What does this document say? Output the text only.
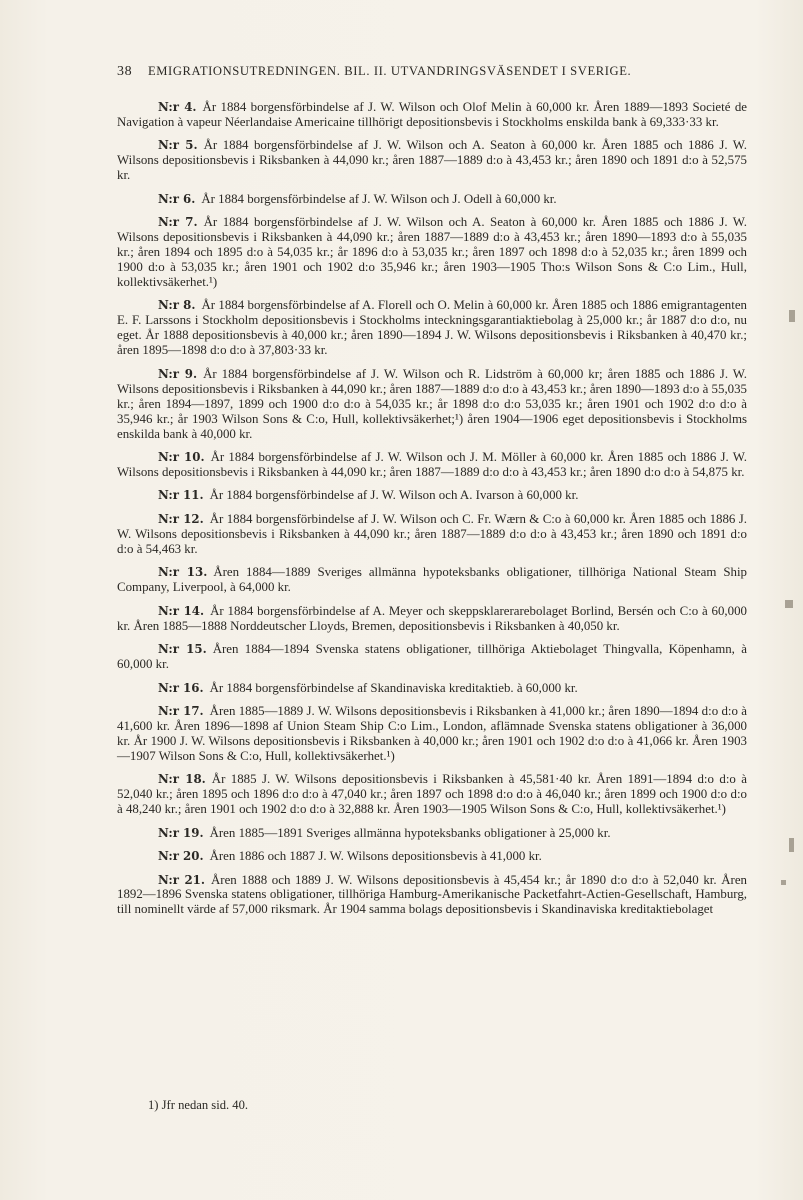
38 EMIGRATIONSUTREDNINGEN. BIL. II. UTVANDRINGSVÄSENDET I SVERIGE.

N:r 4. År 1884 borgensförbindelse af J. W. Wilson och Olof Melin à 60,000 kr. Åren 1889—1893 Societé de Navigation à vapeur Néerlandaise Americaine tillhörigt depositionsbevis i Stockholms enskilda bank à 69,333·33 kr.

N:r 5. År 1884 borgensförbindelse af J. W. Wilson och A. Seaton à 60,000 kr. Åren 1885 och 1886 J. W. Wilsons depositionsbevis i Riksbanken à 44,090 kr.; åren 1887—1889 d:o à 43,453 kr.; åren 1890 och 1891 d:o à 52,575 kr.

N:r 6. År 1884 borgensförbindelse af J. W. Wilson och J. Odell à 60,000 kr.

N:r 7. År 1884 borgensförbindelse af J. W. Wilson och A. Seaton à 60,000 kr. Åren 1885 och 1886 J. W. Wilsons depositionsbevis i Riksbanken à 44,090 kr.; åren 1887—1889 d:o à 43,453 kr.; åren 1890—1893 d:o à 55,035 kr.; åren 1894 och 1895 d:o à 54,035 kr.; år 1896 d:o à 53,035 kr.; åren 1897 och 1898 d:o à 52,035 kr.; åren 1899 och 1900 d:o à 53,035 kr.; åren 1901 och 1902 d:o 35,946 kr.; åren 1903—1905 Tho:s Wilson Sons & C:o Lim., Hull, kollektivsäkerhet.¹)

N:r 8. År 1884 borgensförbindelse af A. Florell och O. Melin à 60,000 kr. Åren 1885 och 1886 emigrantagenten E. F. Larssons i Stockholm depositionsbevis i Stockholms inteckningsgarantiaktiebolag à 25,000 kr.; år 1887 d:o d:o, nu eget. År 1888 depositionsbevis à 40,000 kr.; åren 1890—1894 J. W. Wilsons depositionsbevis i Riksbanken à 40,470 kr.; åren 1895—1898 d:o d:o à 37,803·33 kr.

N:r 9. År 1884 borgensförbindelse af J. W. Wilson och R. Lidström à 60,000 kr; åren 1885 och 1886 J. W. Wilsons depositionsbevis i Riksbanken à 44,090 kr.; åren 1887—1889 d:o d:o à 43,453 kr.; åren 1890—1893 d:o à 55,035 kr.; åren 1894—1897, 1899 och 1900 d:o d:o à 54,035 kr.; år 1898 d:o d:o 53,035 kr.; åren 1901 och 1902 d:o d:o à 35,946 kr.; år 1903 Wilson Sons & C:o, Hull, kollektivsäkerhet;¹) åren 1904—1906 eget depositionsbevis i Stockholms enskilda bank à 40,000 kr.

N:r 10. År 1884 borgensförbindelse af J. W. Wilson och J. M. Möller à 60,000 kr. Åren 1885 och 1886 J. W. Wilsons depositionsbevis i Riksbanken à 44,090 kr.; åren 1887—1889 d:o d:o à 43,453 kr.; åren 1890 d:o d:o à 54,875 kr.

N:r 11. År 1884 borgensförbindelse af J. W. Wilson och A. Ivarson à 60,000 kr.

N:r 12. År 1884 borgensförbindelse af J. W. Wilson och C. Fr. Wærn & C:o à 60,000 kr. Åren 1885 och 1886 J. W. Wilsons depositionsbevis i Riksbanken à 44,090 kr.; åren 1887—1889 d:o d:o à 43,453 kr.; åren 1890 och 1891 d:o d:o à 54,463 kr.

N:r 13. Åren 1884—1889 Sveriges allmänna hypoteksbanks obligationer, tillhöriga National Steam Ship Company, Liverpool, à 64,000 kr.

N:r 14. År 1884 borgensförbindelse af A. Meyer och skeppsklarerarebolaget Borlind, Bersén och C:o à 60,000 kr. Åren 1885—1888 Norddeutscher Lloyds, Bremen, depositionsbevis i Riksbanken à 40,050 kr.

N:r 15. Åren 1884—1894 Svenska statens obligationer, tillhöriga Aktiebolaget Thingvalla, Köpenhamn, à 60,000 kr.

N:r 16. År 1884 borgensförbindelse af Skandinaviska kreditaktieb. à 60,000 kr.

N:r 17. Åren 1885—1889 J. W. Wilsons depositionsbevis i Riksbanken à 41,000 kr.; åren 1890—1894 d:o d:o à 41,600 kr. Åren 1896—1898 af Union Steam Ship C:o Lim., London, aflämnade Svenska statens obligationer à 36,000 kr. År 1900 J. W. Wilsons depositionsbevis i Riksbanken à 40,000 kr.; åren 1901 och 1902 d:o d:o à 41,066 kr. Åren 1903—1907 Wilson Sons & C:o, Hull, kollektivsäkerhet.¹)

N:r 18. År 1885 J. W. Wilsons depositionsbevis i Riksbanken à 45,581·40 kr. Åren 1891—1894 d:o d:o à 52,040 kr.; åren 1895 och 1896 d:o d:o à 47,040 kr.; åren 1897 och 1898 d:o d:o à 46,040 kr.; åren 1899 och 1900 d:o d:o à 48,240 kr.; åren 1901 och 1902 d:o d:o à 32,888 kr. Åren 1903—1905 Wilson Sons & C:o, Hull, kollektivsäkerhet.¹)

N:r 19. Åren 1885—1891 Sveriges allmänna hypoteksbanks obligationer à 25,000 kr.

N:r 20. Åren 1886 och 1887 J. W. Wilsons depositionsbevis à 41,000 kr.

N:r 21. Åren 1888 och 1889 J. W. Wilsons depositionsbevis à 45,454 kr.; år 1890 d:o d:o à 52,040 kr. Åren 1892—1896 Svenska statens obligationer, tillhöriga Hamburg-Amerikanische Packetfahrt-Actien-Gesellschaft, Hamburg, till nominellt värde af 57,000 riksmark. År 1904 samma bolags depositionsbevis i Skandinaviska kreditaktiebolaget

1) Jfr nedan sid. 40.
